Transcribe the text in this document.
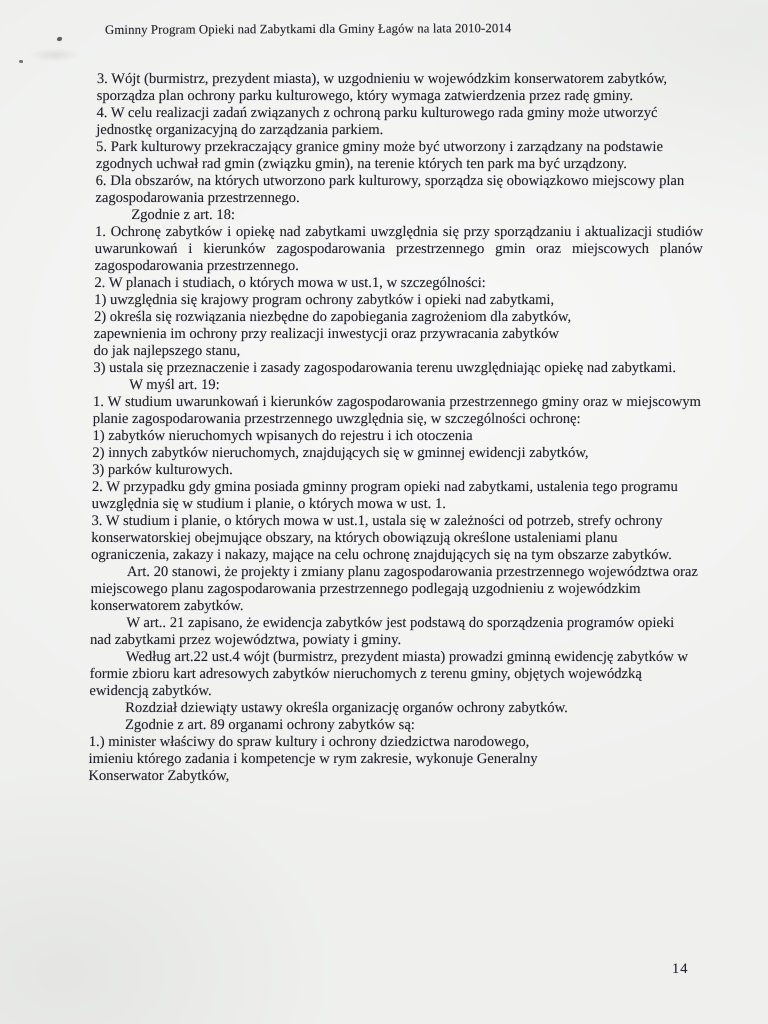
Gminny Program Opieki nad Zabytkami dla Gminy Łagów na lata 2010-2014

3. Wójt (burmistrz, prezydent miasta), w uzgodnieniu w wojewódzkim konserwatorem zabytków, sporządza plan ochrony parku kulturowego, który wymaga zatwierdzenia przez radę gminy.

4. W celu realizacji zadań związanych z ochroną parku kulturowego rada gminy może utworzyć jednostkę organizacyjną do zarządzania parkiem.

5. Park kulturowy przekraczający granice gminy może być utworzony i zarządzany na podstawie zgodnych uchwał rad gmin (związku gmin), na terenie których ten park ma być urządzony.

6. Dla obszarów, na których utworzono park kulturowy, sporządza się obowiązkowo miejscowy plan zagospodarowania przestrzennego.

Zgodnie z art. 18:

1. Ochronę zabytków i opiekę nad zabytkami uwzględnia się przy sporządzaniu i aktualizacji studiów uwarunkowań i kierunków zagospodarowania przestrzennego gmin oraz miejscowych planów zagospodarowania przestrzennego.

2. W planach i studiach, o których mowa w ust.1, w szczególności:

1) uwzględnia się krajowy program ochrony zabytków i opieki nad zabytkami,

2) określa się rozwiązania niezbędne do zapobiegania zagrożeniom dla zabytków,
zapewnienia im ochrony przy realizacji inwestycji oraz przywracania zabytków
do jak najlepszego stanu,

3) ustala się przeznaczenie i zasady zagospodarowania terenu uwzględniając opiekę nad zabytkami.

W myśl art. 19:

1. W studium uwarunkowań i kierunków zagospodarowania przestrzennego gminy oraz w miejscowym planie zagospodarowania przestrzennego uwzględnia się, w szczególności ochronę:

1) zabytków nieruchomych wpisanych do rejestru i ich otoczenia

2) innych zabytków nieruchomych, znajdujących się w gminnej ewidencji zabytków,

3) parków kulturowych.

2. W przypadku gdy gmina posiada gminny program opieki nad zabytkami, ustalenia tego programu uwzględnia się w studium i planie, o których mowa w ust. 1.

3. W studium i planie, o których mowa w ust.1, ustala się w zależności od potrzeb, strefy ochrony konserwatorskiej obejmujące obszary, na których obowiązują określone ustaleniami planu ograniczenia, zakazy i nakazy, mające na celu ochronę znajdujących się na tym obszarze zabytków.

Art. 20 stanowi, że projekty i zmiany planu zagospodarowania przestrzennego województwa oraz miejscowego planu zagospodarowania przestrzennego podlegają uzgodnieniu z wojewódzkim konserwatorem zabytków.

W art.. 21 zapisano, że ewidencja zabytków jest podstawą do sporządzenia programów opieki nad zabytkami przez województwa, powiaty i gminy.

Według art.22 ust.4 wójt (burmistrz, prezydent miasta) prowadzi gminną ewidencję zabytków w formie zbioru kart adresowych zabytków nieruchomych z terenu gminy, objętych wojewódzką ewidencją zabytków.

Rozdział dziewiąty ustawy określa organizację organów ochrony zabytków.

Zgodnie z art. 89 organami ochrony zabytków są:

1.) minister właściwy do spraw kultury i ochrony dziedzictwa narodowego,
imieniu którego zadania i kompetencje w rym zakresie, wykonuje Generalny
Konserwator Zabytków,

14
